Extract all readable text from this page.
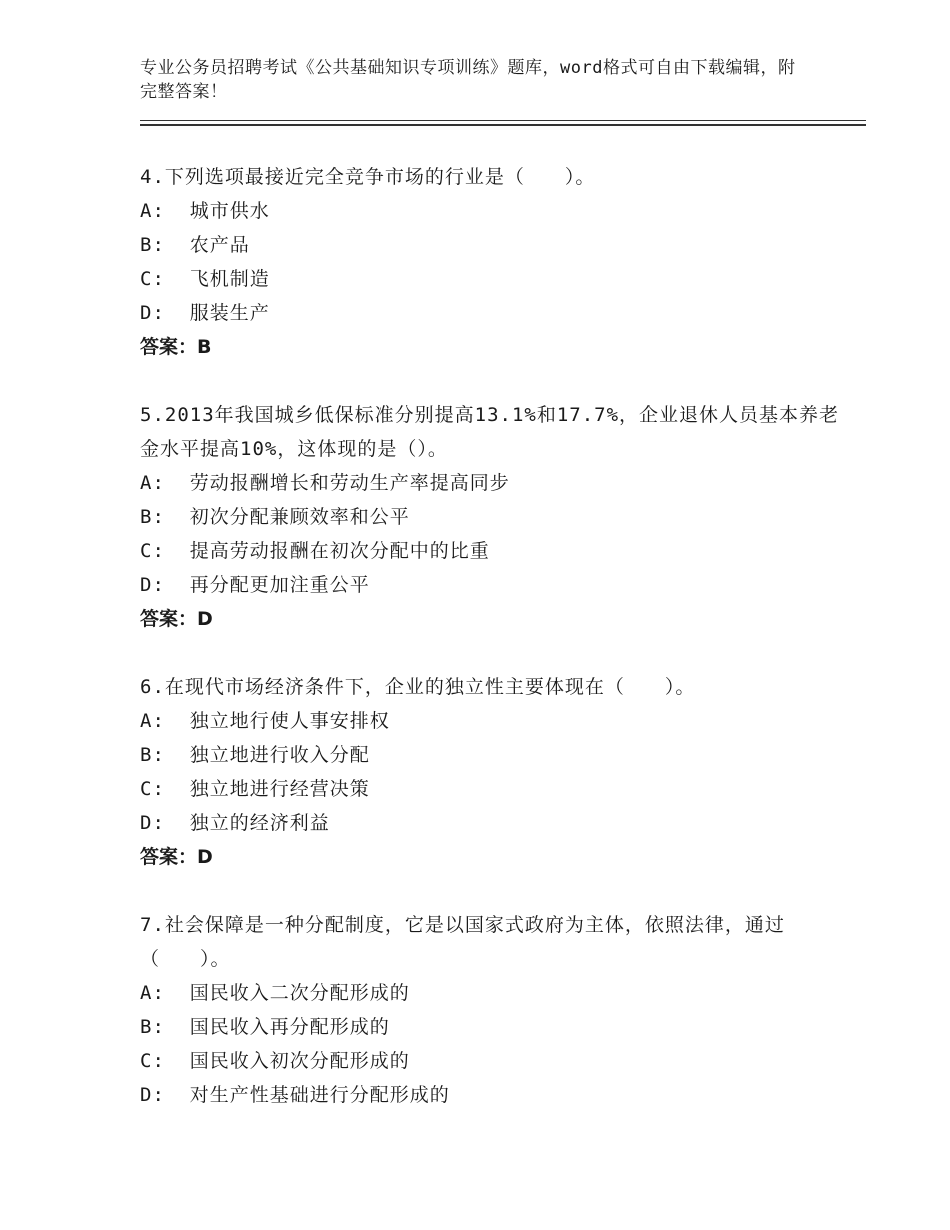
专业公务员招聘考试《公共基础知识专项训练》题库，word格式可自由下载编辑，附完整答案！

4.下列选项最接近完全竞争市场的行业是（　　）。

A:  城市供水

B:  农产品

C:  飞机制造

D:  服装生产

答案：B

5.2013年我国城乡低保标准分别提高13.1%和17.7%，企业退休人员基本养老金水平提高10%，这体现的是（）。

A:  劳动报酬增长和劳动生产率提高同步

B:  初次分配兼顾效率和公平

C:  提高劳动报酬在初次分配中的比重

D:  再分配更加注重公平

答案：D

6.在现代市场经济条件下，企业的独立性主要体现在（　　）。

A:  独立地行使人事安排权

B:  独立地进行收入分配

C:  独立地进行经营决策

D:  独立的经济利益

答案：D

7.社会保障是一种分配制度，它是以国家式政府为主体，依照法律，通过（　　）。

A:  国民收入二次分配形成的

B:  国民收入再分配形成的

C:  国民收入初次分配形成的

D:  对生产性基础进行分配形成的
